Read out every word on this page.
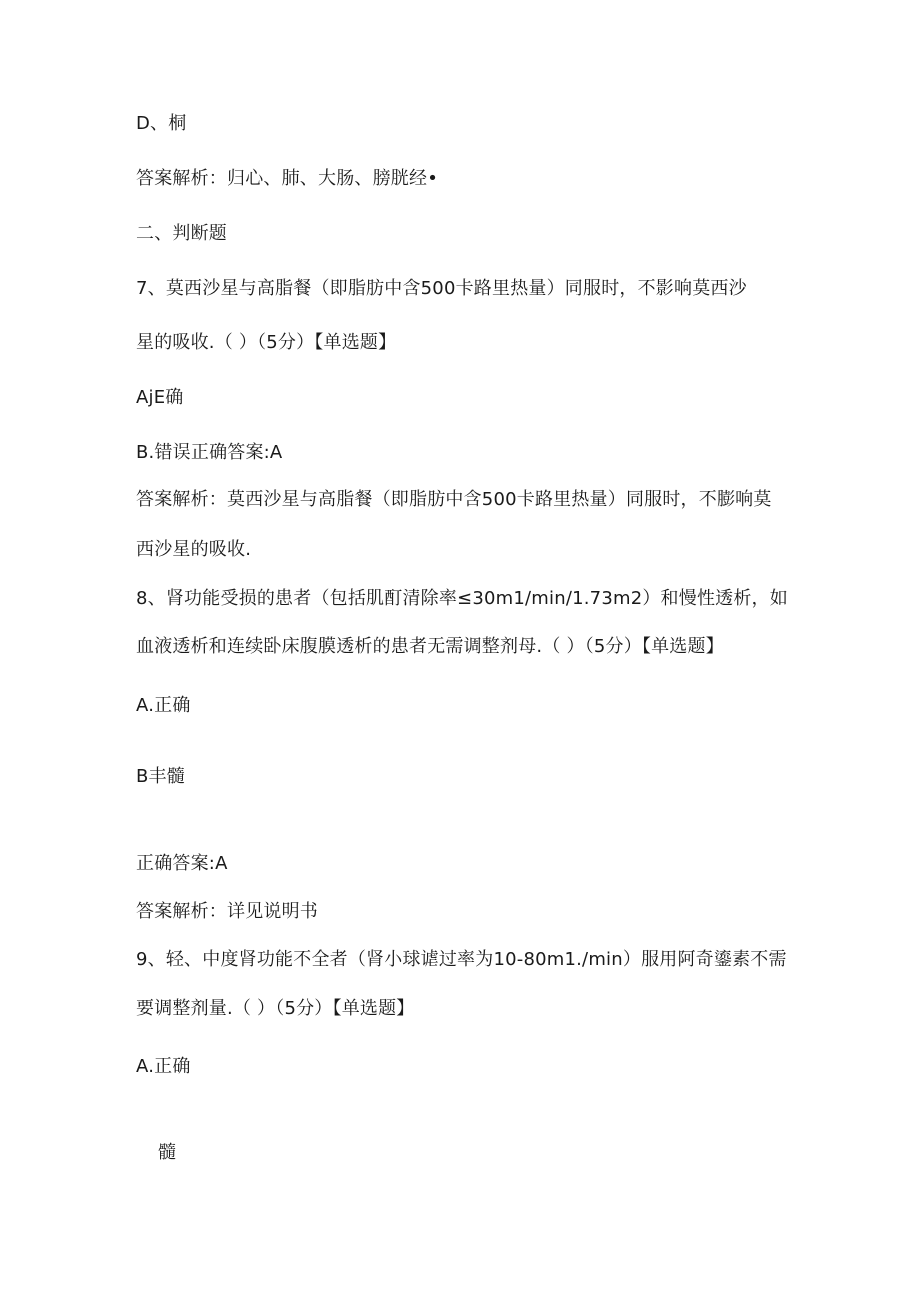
D、桐
答案解析：归心、肺、大肠、膀胱经•
二、判断题
7、莫西沙星与高脂餐（即脂肪中含500卡路里热量）同服时，不影响莫西沙
星的吸收.（ ）（5分）【单选题】
AjE确
B.错误正确答案:A
答案解析：莫西沙星与高脂餐（即脂肪中含500卡路里热量）同服时，不膨响莫
西沙星的吸收.
8、肾功能受损的患者（包括肌酊清除率≤30m1∕min∕1.73m2）和慢性透析，如
血液透析和连续卧床腹膜透析的患者无需调整剂母.（ ）（5分）【单选题】
A.正确
B丰髓
正确答案:A
答案解析：详见说明书
9、轻、中度肾功能不全者（肾小球谑过率为10-80m1./min）服用阿奇鎏素不需
要调整剂量.（ ）（5分）【单选题】
A.正确
髓
